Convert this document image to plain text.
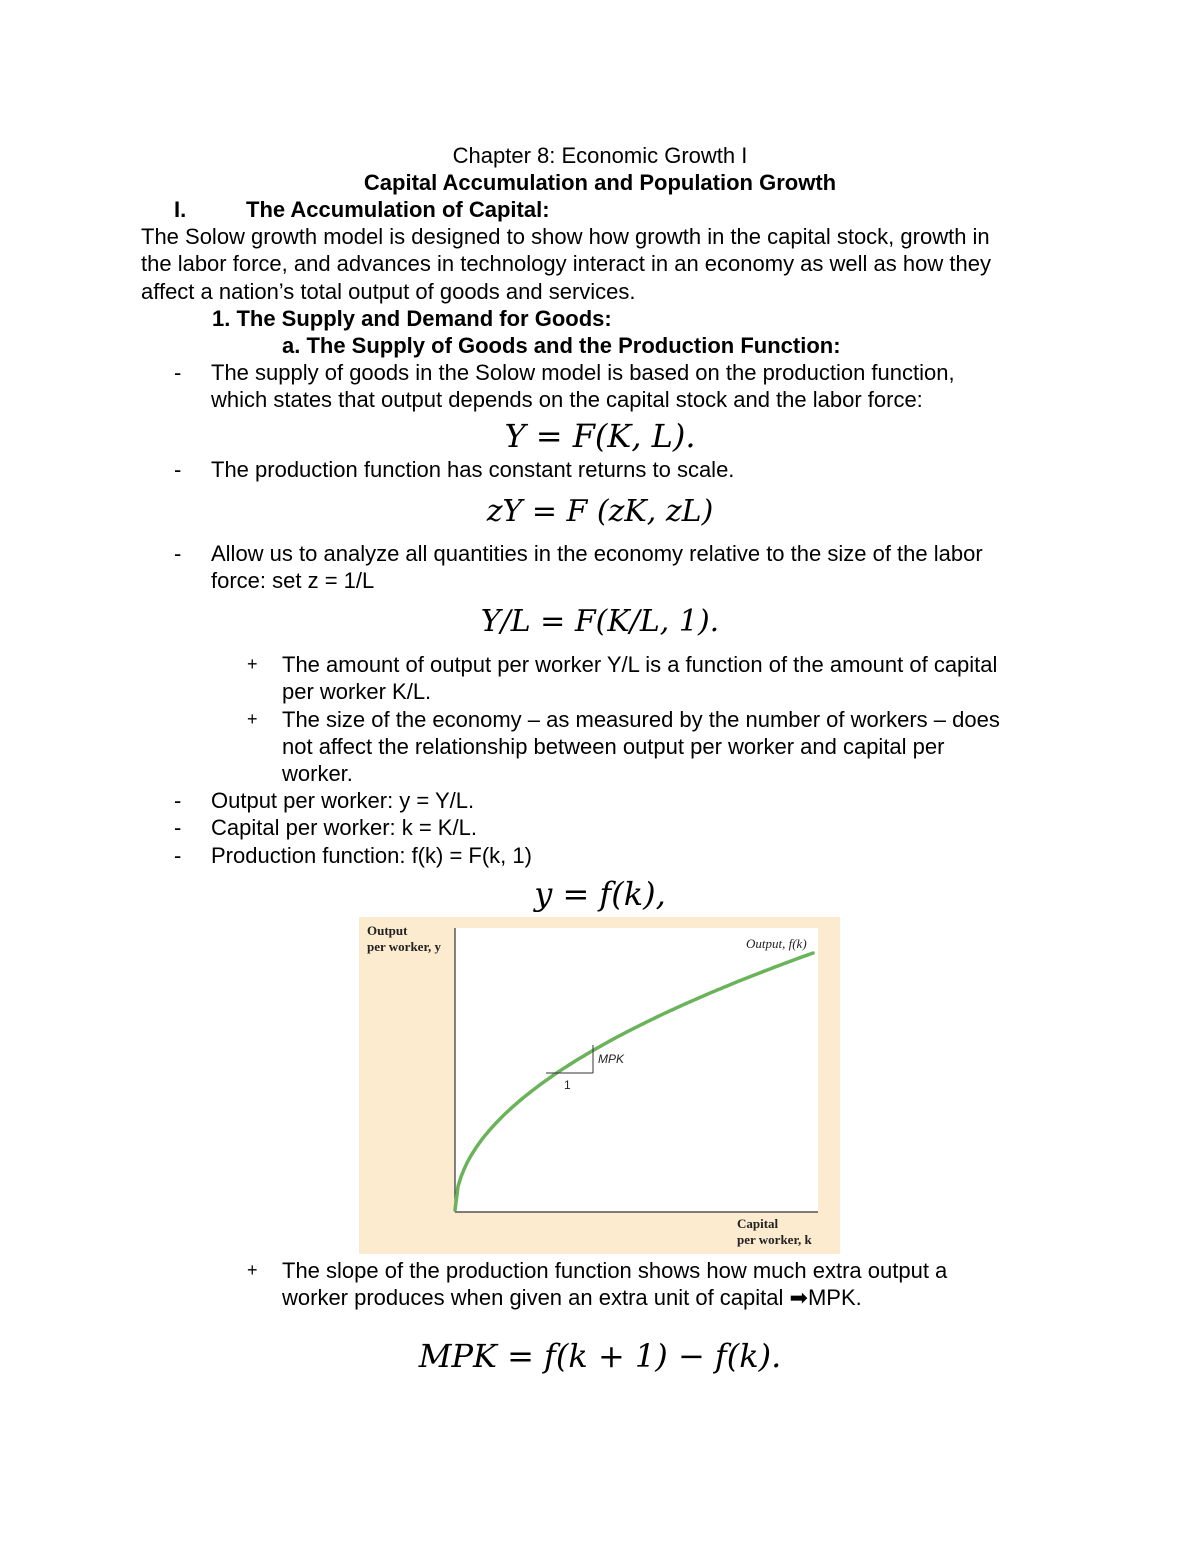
Chapter 8: Economic Growth I
Capital Accumulation and Population Growth
I.	The Accumulation of Capital:
The Solow growth model is designed to show how growth in the capital stock, growth in
the labor force, and advances in technology interact in an economy as well as how they
affect a nation’s total output of goods and services.
1. The Supply and Demand for Goods:
a. The Supply of Goods and the Production Function:
- The supply of goods in the Solow model is based on the production function,
which states that output depends on the capital stock and the labor force:
Y = F(K, L).
- The production function has constant returns to scale.
zY = F (zK, zL)
- Allow us to analyze all quantities in the economy relative to the size of the labor
force: set z = 1/L
Y/L = F(K/L, 1).
+ The amount of output per worker Y/L is a function of the amount of capital
per worker K/L.
+ The size of the economy – as measured by the number of workers – does
not affect the relationship between output per worker and capital per
worker.
- Output per worker: y = Y/L.
- Capital per worker: k = K/L.
- Production function: f(k) = F(k, 1)
y = f(k),
Output
per worker, y
Capital
per worker, k
Output, f(k)
1
MPK
+ The slope of the production function shows how much extra output a
worker produces when given an extra unit of capital ➡MPK.
MPK = f(k + 1) − f(k).
